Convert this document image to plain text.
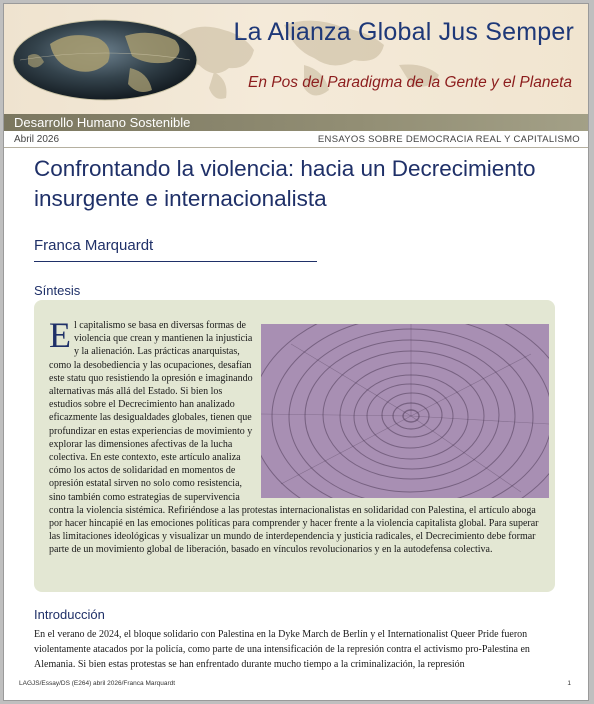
La Alianza Global Jus Semper
En Pos del Paradigma de la Gente y el Planeta
Desarrollo Humano Sostenible
Abril 2026	ENSAYOS SOBRE DEMOCRACIA REAL Y CAPITALISMO
Confrontando la violencia: hacia un Decrecimiento insurgente e internacionalista
Franca Marquardt
Síntesis
E l capitalismo se basa en diversas formas de violencia que crean y mantienen la injusticia y la alienación. Las prácticas anarquistas, como la desobediencia y las ocupaciones, desafían este statu quo resistiendo la opresión e imaginando alternativas más allá del Estado. Si bien los estudios sobre el Decrecimiento han analizado eficazmente las desigualdades globales, tienen que profundizar en estas experiencias de movimiento y explorar las dimensiones afectivas de la lucha colectiva. En este contexto, este artículo analiza cómo los actos de solidaridad en momentos de opresión estatal sirven no solo como resistencia, sino también como estrategias de supervivencia contra la violencia sistémica. Refiriéndose a las protestas internacionalistas en solidaridad con Palestina, el artículo aboga por hacer hincapié en las emociones políticas para comprender y hacer frente a la violencia capitalista global. Para superar las limitaciones ideológicas y visualizar un mundo de interdependencia y justicia radicales, el Decrecimiento debe formar parte de un movimiento global de liberación, basado en vínculos revolucionarios y en la autodefensa colectiva.
Introducción
En el verano de 2024, el bloque solidario con Palestina en la Dyke March de Berlín y el Internationalist Queer Pride fueron violentamente atacados por la policía, como parte de una intensificación de la represión contra el activismo pro-Palestina en Alemania. Si bien estas protestas se han enfrentado durante mucho tiempo a la criminalización, la represión
LAGJS/Essay/DS (E264) abril 2026/Franca Marquardt	1
